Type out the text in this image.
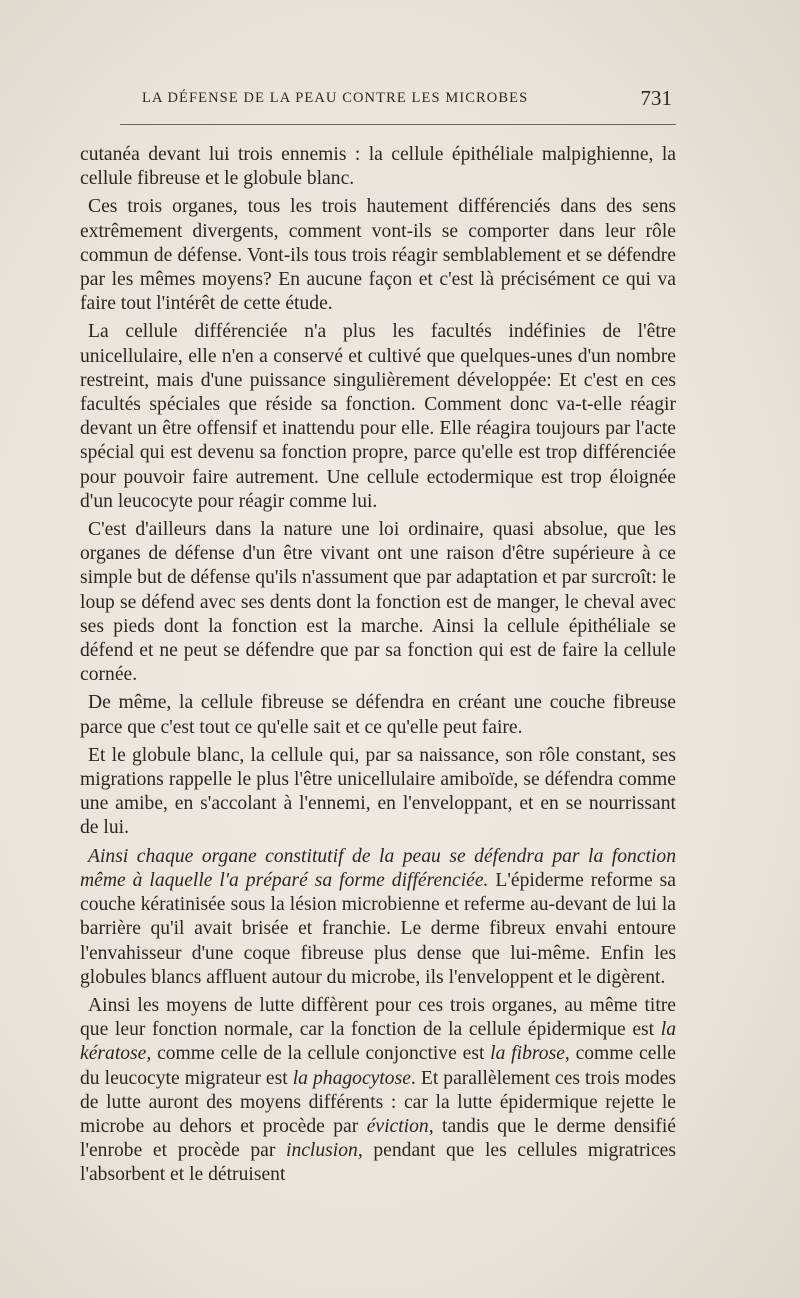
LA DÉFENSE DE LA PEAU CONTRE LES MICROBES	731

cutanéa devant lui trois ennemis : la cellule épithéliale malpighienne, la cellule fibreuse et le globule blanc.

Ces trois organes, tous les trois hautement différenciés dans des sens extrêmement divergents, comment vont-ils se comporter dans leur rôle commun de défense. Vont-ils tous trois réagir semblablement et se défendre par les mêmes moyens? En aucune façon et c'est là précisément ce qui va faire tout l'intérêt de cette étude.

La cellule différenciée n'a plus les facultés indéfinies de l'être unicellulaire, elle n'en a conservé et cultivé que quelques-unes d'un nombre restreint, mais d'une puissance singulièrement développée: Et c'est en ces facultés spéciales que réside sa fonction. Comment donc va-t-elle réagir devant un être offensif et inattendu pour elle. Elle réagira toujours par l'acte spécial qui est devenu sa fonction propre, parce qu'elle est trop différenciée pour pouvoir faire autrement. Une cellule ectodermique est trop éloignée d'un leucocyte pour réagir comme lui.

C'est d'ailleurs dans la nature une loi ordinaire, quasi absolue, que les organes de défense d'un être vivant ont une raison d'être supérieure à ce simple but de défense qu'ils n'assument que par adaptation et par surcroît: le loup se défend avec ses dents dont la fonction est de manger, le cheval avec ses pieds dont la fonction est la marche. Ainsi la cellule épithéliale se défend et ne peut se défendre que par sa fonction qui est de faire la cellule cornée.

De même, la cellule fibreuse se défendra en créant une couche fibreuse parce que c'est tout ce qu'elle sait et ce qu'elle peut faire.

Et le globule blanc, la cellule qui, par sa naissance, son rôle constant, ses migrations rappelle le plus l'être unicellulaire amiboïde, se défendra comme une amibe, en s'accolant à l'ennemi, en l'enveloppant, et en se nourrissant de lui.

Ainsi chaque organe constitutif de la peau se défendra par la fonction même à laquelle l'a préparé sa forme différenciée. L'épiderme reforme sa couche kératinisée sous la lésion microbienne et referme au-devant de lui la barrière qu'il avait brisée et franchie. Le derme fibreux envahi entoure l'envahisseur d'une coque fibreuse plus dense que lui-même. Enfin les globules blancs affluent autour du microbe, ils l'enveloppent et le digèrent.

Ainsi les moyens de lutte diffèrent pour ces trois organes, au même titre que leur fonction normale, car la fonction de la cellule épidermique est la kératose, comme celle de la cellule conjonctive est la fibrose, comme celle du leucocyte migrateur est la phagocytose. Et parallèlement ces trois modes de lutte auront des moyens différents : car la lutte épidermique rejette le microbe au dehors et procède par éviction, tandis que le derme densifié l'enrobe et procède par inclusion, pendant que les cellules migratrices l'absorbent et le détruisent
